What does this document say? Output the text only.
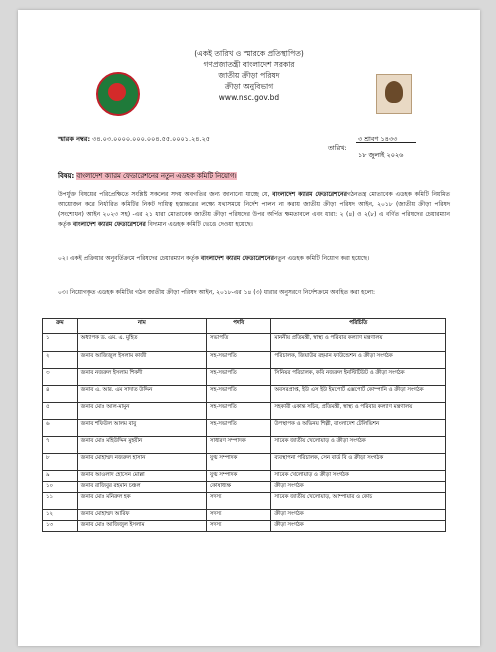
(একই তারিখ ও স্মারকে প্রতিস্থাপিত)
গণপ্রজাতন্ত্রী বাংলাদেশ সরকার
জাতীয় ক্রীড়া পরিষদ
ক্রীড়া অনুবিভাগ
www.nsc.gov.bd
স্মারক নম্বর: ৩৪.০৩.০০০০.০০০.০০৪.৫৫.০০০১.২৪.২৫
তারিখ:
৩ শ্রাবণ ১৪৩৩
১৮ জুলাই ২০২৬
বিষয়: বাংলাদেশ ক্যারম ফেডারেশনের নতুন এডহক কমিটি নিয়োগ।
উপর্যুক্ত বিষয়ের পরিপ্রেক্ষিতে সংশ্লিষ্ট সকলের সদয় অবগতির জন্য জানানো যাচ্ছে যে, বাংলাদেশ ক্যারম ফেডারেশনেরগঠনতন্ত্র মোতাবেক এডহক কমিটি নিয়মিত আয়োজন করে নির্ধারিত কমিটির নিকট দায়িত্ব হস্তান্তরের লক্ষ্যে যথাসময়ে নির্দেশ পালন না করায় জাতীয় ক্রীড়া পরিষদ আইন, ২০১৮ (জাতীয় ক্রীড়া পরিষদ (সংশোধন) আইন ২০২৩ সহ) -এর ২১ ধারা মোতাবেক জাতীয় ক্রীড়া পরিষদের উপর অর্পিত ক্ষমতাবলে এবং ধারা: ২ (৪) ও ২(৮) এ বর্ণিত পরিষদের চেয়ারম্যান কর্তৃক বাংলাদেশ ক্যারম ফেডারেশনের বিদ্যমান এডহক কমিটি ভেঙে দেওয়া হয়েছে।
০২। একই প্রক্রিয়ার অনুবর্তিক্রমে পরিষদের চেয়ারম্যান কর্তৃক বাংলাদেশ ক্যারম ফেডারেশনেরনতুন এডহক কমিটি নিয়োগ করা হয়েছে।
০৩। নিয়োগকৃত এডহক কমিটির গঠন জাতীয় ক্রীড়া পরিষদ আইন, ২০১৮-এর ১৪ (৩) ধারার অনুসরণে নির্দেশক্রমে অবহিত করা হলো:
ক্রম	নাম	পদবি	পরিচিতি
১	অধ্যাপক ড. এম. এ. মুহিত	সভাপতি	মাননীয় প্রতিমন্ত্রী, স্বাস্থ্য ও পরিবার কল্যাণ মন্ত্রণালয়
২	জনাব আজিজুল ইসলাম কাজী	সহ-সভাপতি	পরিচালক, জিয়াউর রহমান ফাউন্ডেশন ও ক্রীড়া সংগঠক
৩	জনাব নজরুল ইসলাম শিকদী	সহ-সভাপতি	সিনিয়র পরিচালক, কবি নজরুল ইনস্টিটিউট ও ক্রীড়া সংগঠক
৪	জনাব এ. আর. এম সাদাত উদ্দিন	সহ-সভাপতি	অবসরপ্রাপ্ত, ইউ এস ইউ ইমপোর্ট এক্সপোর্ট কোম্পানি ও ক্রীড়া সংগঠক
৫	জনাব মোঃ আল-মামুন	সহ-সভাপতি	সহকারী একান্ত সচিব, প্রতিমন্ত্রী, স্বাস্থ্য ও পরিবার কল্যাণ মন্ত্রণালয়
৬	জনাব শফিউল আলম বাবু	সহ-সভাপতি	উপস্থাপক ও অভিনয় শিল্পী, বাংলাদেশ টেলিভিশন
৭	জনাব মোঃ মহিউদ্দিন মুহয়ীন	সাধারণ সম্পাদক	সাবেক জাতীয় খেলোয়াড় ও ক্রীড়া সংগঠক
৮	জনাব মোহাম্মদ নজরুল হাসান	যুগ্ম সম্পাদক	ব্যবস্থাপনা পরিচালক, সেন বার্ড বি ও ক্রীড়া সংগঠক
৯	জনাব আওলাদ হোসেন মোল্লা	যুগ্ম সম্পাদক	সাবেক খেলোয়াড় ও ক্রীড়া সংগঠক
১০	জনাব রাজিবুর রহমান চঞ্চল	কোষাধ্যক্ষ	ক্রীড়া সংগঠক
১১	জনাব মোঃ মনিরুল হক	সদস্য	সাবেক জাতীয় খেলোয়াড়, আম্পায়ার ও কোচ
১২	জনাব মোহাম্মদ আরিফ	সদস্য	ক্রীড়া সংগঠক
১৩	জনাব মোঃ আজিজুল ইসলাম	সদস্য	ক্রীড়া সংগঠক
